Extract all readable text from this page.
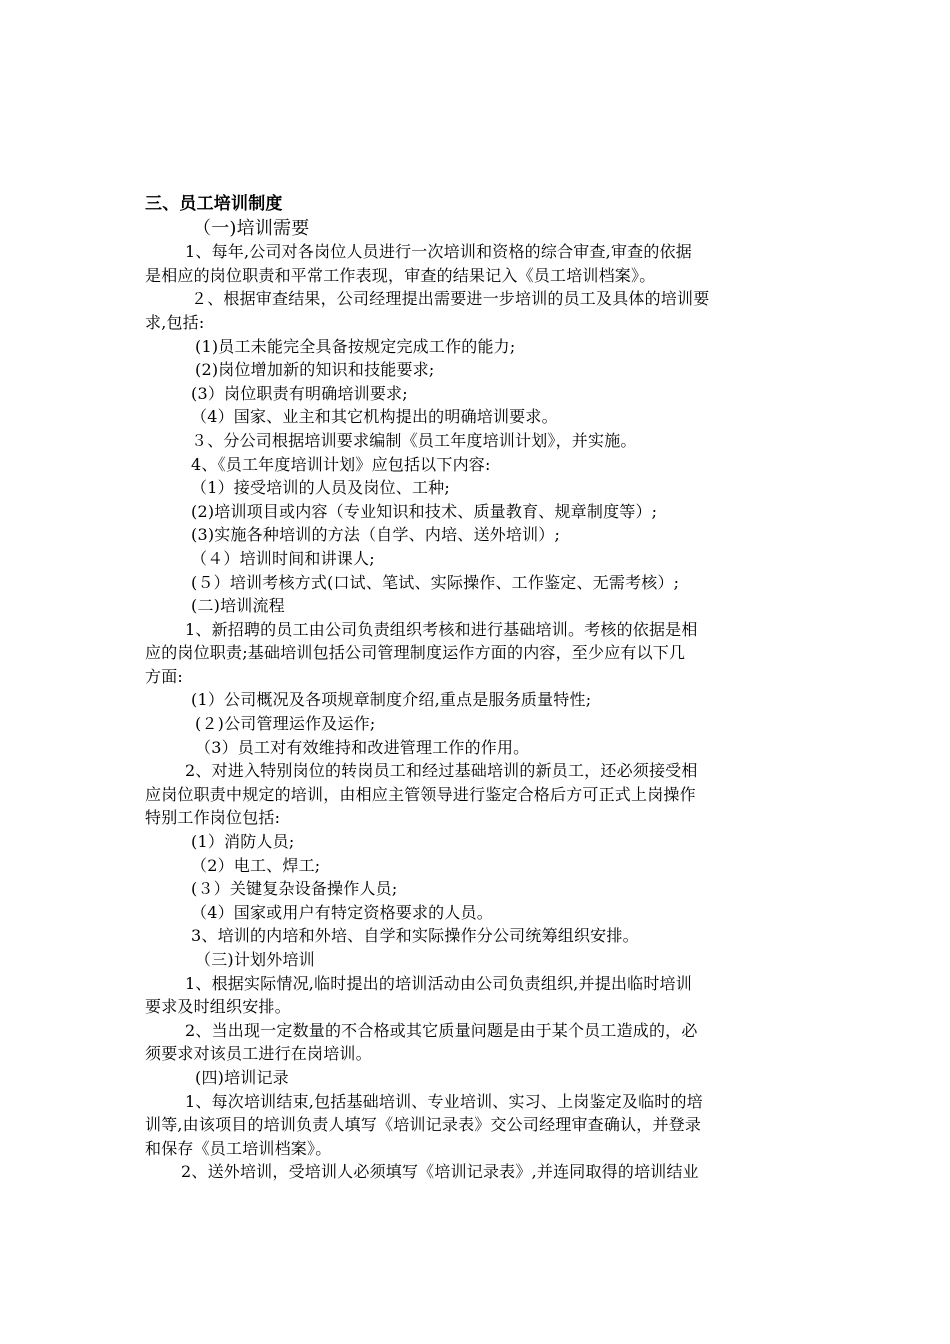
三、员工培训制度
（一)培训需要
1、每年,公司对各岗位人员进行一次培训和资格的综合审查,审查的依据
是相应的岗位职责和平常工作表现，审查的结果记入《员工培训档案》。
２、根据审查结果，公司经理提出需要进一步培训的员工及具体的培训要
求,包括:
(1)员工未能完全具备按规定完成工作的能力;
(2)岗位增加新的知识和技能要求;
(3）岗位职责有明确培训要求;
（4）国家、业主和其它机构提出的明确培训要求。
３、分公司根据培训要求编制《员工年度培训计划》，并实施。
4、《员工年度培训计划》应包括以下内容:
（1）接受培训的人员及岗位、工种;
(2)培训项目或内容（专业知识和技术、质量教育、规章制度等）;
(3)实施各种培训的方法（自学、内培、送外培训）;
（４）培训时间和讲课人;
(５）培训考核方式(口试、笔试、实际操作、工作鉴定、无需考核）;
(二)培训流程
1、新招聘的员工由公司负责组织考核和进行基础培训。考核的依据是相
应的岗位职责;基础培训包括公司管理制度运作方面的内容，至少应有以下几
方面:
(1）公司概况及各项规章制度介绍,重点是服务质量特性;
(２)公司管理运作及运作;
（3）员工对有效维持和改进管理工作的作用。
2、对进入特别岗位的转岗员工和经过基础培训的新员工，还必须接受相
应岗位职责中规定的培训，由相应主管领导进行鉴定合格后方可正式上岗操作
特别工作岗位包括:
(1）消防人员;
（2）电工、焊工;
(３）关键复杂设备操作人员;
（4）国家或用户有特定资格要求的人员。
3、培训的内培和外培、自学和实际操作分公司统筹组织安排。
（三)计划外培训
1、根据实际情况,临时提出的培训活动由公司负责组织,并提出临时培训
要求及时组织安排。
2、当出现一定数量的不合格或其它质量问题是由于某个员工造成的，必
须要求对该员工进行在岗培训。
(四)培训记录
1、每次培训结束,包括基础培训、专业培训、实习、上岗鉴定及临时的培
训等,由该项目的培训负责人填写《培训记录表》交公司经理审查确认，并登录
和保存《员工培训档案》。
2、送外培训，受培训人必须填写《培训记录表》,并连同取得的培训结业
